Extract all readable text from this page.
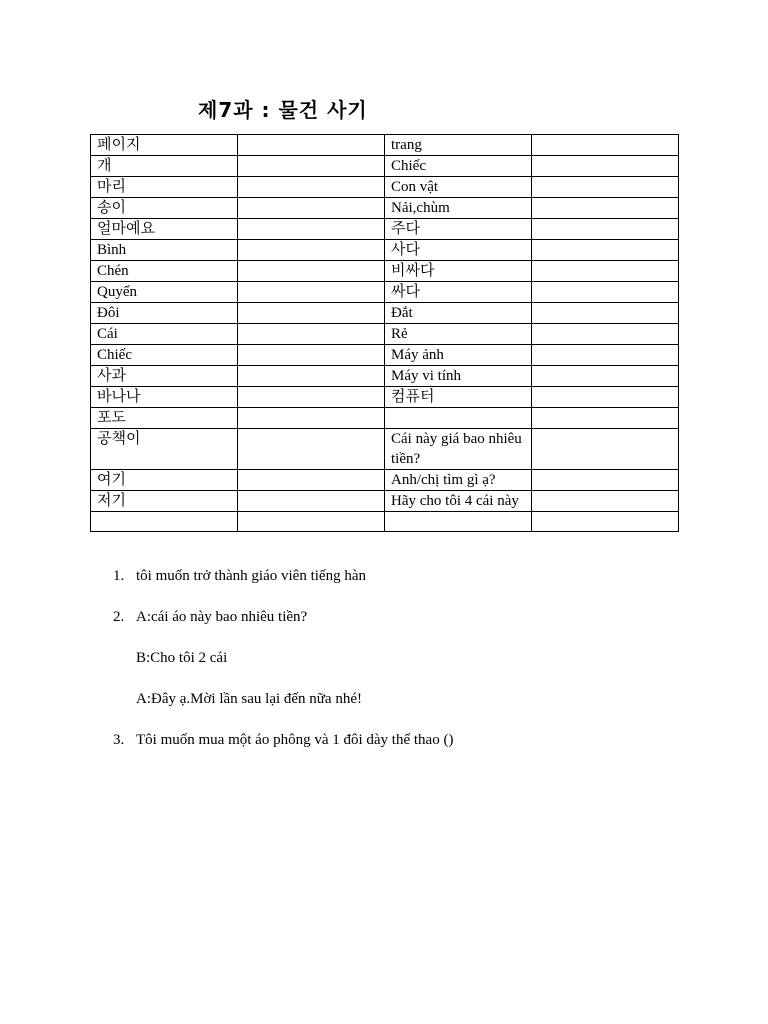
제7과 : 물건 사기
페이지		trang	
개		Chiếc	
마리		Con vật	
송이		Nải,chùm	
얼마예요		주다	
Bình		사다	
Chén		비싸다	
Quyển		싸다	
Đôi		Đắt	
Cái		Rẻ	
Chiếc		Máy ảnh	
사과		Máy vi tính	
바나나		컴퓨터	
포도			
공책이		Cái này giá bao nhiêu tiền?	
여기		Anh/chị tìm gì ạ?	
저기		Hãy cho tôi 4 cái này	

1. tôi muốn trở thành giáo viên tiếng hàn
2. A:cái áo này bao nhiêu tiền?
B:Cho tôi 2 cái
A:Đây ạ.Mời lần sau lại đến nữa nhé!
3. Tôi muốn mua một áo phông và 1 đôi dày thể thao ()
